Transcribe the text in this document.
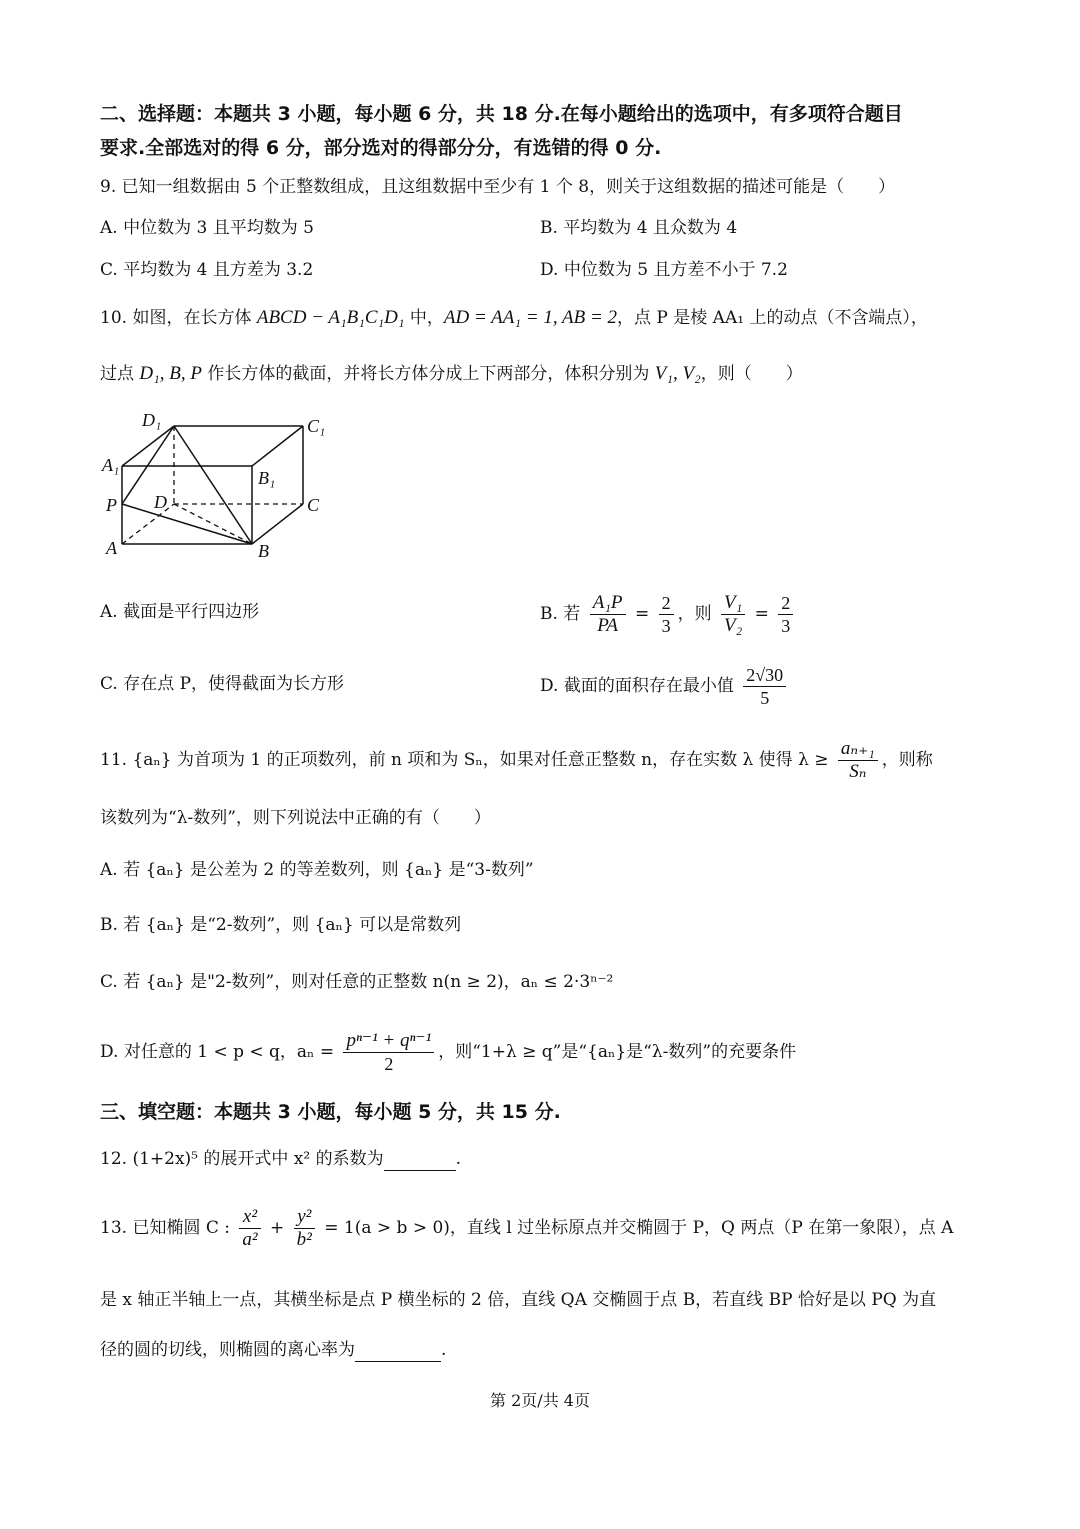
二、选择题：本题共 3 小题，每小题 6 分，共 18 分.在每小题给出的选项中，有多项符合题目
要求.全部选对的得 6 分，部分选对的得部分分，有选错的得 0 分.
9. 已知一组数据由 5 个正整数组成，且这组数据中至少有 1 个 8，则关于这组数据的描述可能是（　　）
A. 中位数为 3 且平均数为 5	B. 平均数为 4 且众数为 4
C. 平均数为 4 且方差为 3.2	D. 中位数为 5 且方差不小于 7.2
10. 如图，在长方体 ABCD − A₁B₁C₁D₁ 中，AD = AA₁ = 1, AB = 2，点 P 是棱 AA₁ 上的动点（不含端点），
过点 D₁, B, P 作长方体的截面，并将长方体分成上下两部分，体积分别为 V₁, V₂，则（　　）
D₁	C₁
A₁
B₁
P D	C
A	B
A. 截面是平行四边形	B. 若 $\frac{\text{A₁P}}{PA} = \frac{2}{3}$ ，则 $\frac{\text{V₁}}{\text{V₂}} = \frac{2}{3}$
C. 存在点 P，使得截面为长方形	D. 截面的面积存在最小值 $\frac{2√30}{5}$
11. {aₙ} 为首项为 1 的正项数列，前 n 项和为 Sₙ，如果对任意正整数 n，存在实数 λ 使得 $\lambda \ge \frac{\text{aₙ₊₁}}{\text{Sₙ}}$ ，则称
该数列为“λ-数列”，则下列说法中正确的有（　　）
A. 若 {aₙ} 是公差为 2 的等差数列，则 {aₙ} 是“3-数列”
B. 若 {aₙ} 是“2-数列”，则 {aₙ} 可以是常数列
C. 若 {aₙ} 是"2-数列”，则对任意的正整数 n(n ≥ 2)，aₙ ≤ 2·3ⁿ⁻²
D. 对任意的 1 < p < q，$a_n = \frac{\text{pⁿ⁻¹ + qⁿ⁻¹}}{2}$ ，则“1+λ ≥ q”是“{aₙ}是“λ-数列”的充要条件
三、填空题：本题共 3 小题，每小题 5 分，共 15 分.
12. (1+2x)⁵ 的展开式中 x² 的系数为	.
13. 已知椭圆 C : $\frac{\text{x²}}{\text{a²}} + \frac{\text{y²}}{\text{b²}} = 1(a > b > 0)$，直线 l 过坐标原点并交椭圆于 P，Q 两点（P 在第一象限），点 A
是 x 轴正半轴上一点，其横坐标是点 P 横坐标的 2 倍，直线 QA 交椭圆于点 B，若直线 BP 恰好是以 PQ 为直
径的圆的切线，则椭圆的离心率为	.
第 2页/共 4页
